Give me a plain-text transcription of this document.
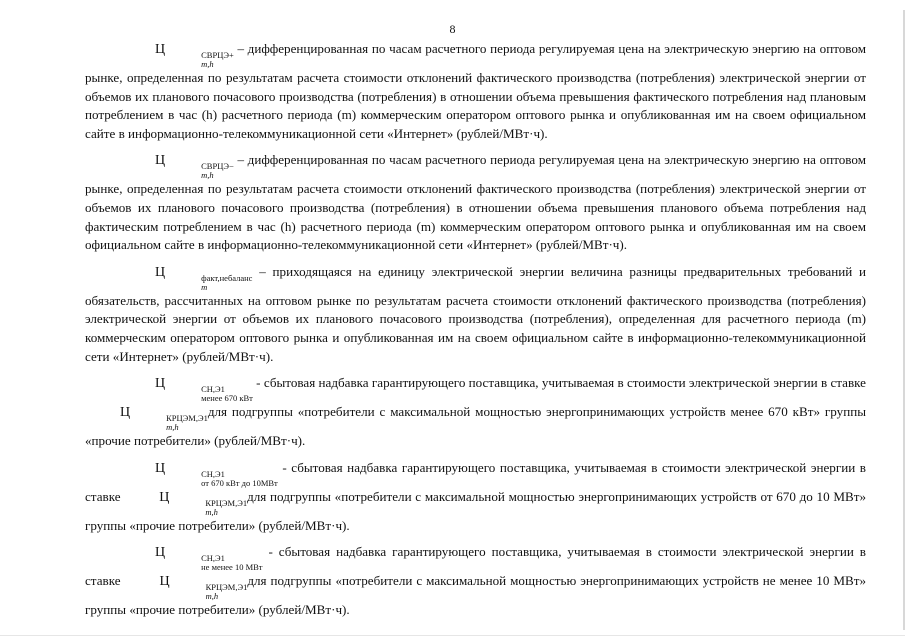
8

Ц	СВРЦЭ+
m,h
– дифференцированная по часам расчетного периода регулируемая цена на электрическую энергию на оптовом рынке, определенная по результатам расчета стоимости отклонений фактического производства (потребления) электрической энергии от объемов их планового почасового производства (потребления) в отношении объема превышения фактического потребления над плановым потреблением в час (h) расчетного периода (m) коммерческим оператором оптового рынка и опубликованная им на своем официальном сайте в информационно-телекоммуникационной сети «Интернет» (рублей/МВт·ч).

Ц	СВРЦЭ−
m,h
– дифференцированная по часам расчетного периода регулируемая цена на электрическую энергию на оптовом рынке, определенная по результатам расчета стоимости отклонений фактического производства (потребления) электрической энергии от объемов их планового почасового производства (потребления) в отношении объема превышения планового объема потребления над фактическим потреблением в час (h) расчетного периода (m) коммерческим оператором оптового рынка и опубликованная им на своем официальном сайте в информационно-телекоммуникационной сети «Интернет» (рублей/МВт·ч).

Ц	факт,небаланс
m
– приходящаяся на единицу электрической энергии величина разницы предварительных требований и обязательств, рассчитанных на оптовом рынке по результатам расчета стоимости отклонений фактического производства (потребления) электрической энергии от объемов их планового почасового производства (потребления), определенная для расчетного периода (m) коммерческим оператором оптового рынка и опубликованная им на своем официальном сайте в информационно-телекоммуникационной сети «Интернет» (рублей/МВт·ч).

Ц	СН,Э1
менее 670 кВт
- сбытовая надбавка гарантирующего поставщика, учитываемая в стоимости электрической энергии в ставке Ц	КРЦЭМ,Э1
m,h
для подгруппы «потребители с максимальной мощностью энергопринимающих устройств менее 670 кВт» группы «прочие потребители» (рублей/МВт·ч).

Ц	СН,Э1
от 670 кВт до 10МВт
- сбытовая надбавка гарантирующего поставщика, учитываемая в стоимости электрической энергии в ставке	Ц	КРЦЭМ,Э1
m,h
для подгруппы «потребители с максимальной мощностью энергопринимающих устройств от 670 до 10 МВт» группы «прочие потребители» (рублей/МВт·ч).

Ц	СН,Э1
не менее 10 МВт
- сбытовая надбавка гарантирующего поставщика, учитываемая в стоимости электрической энергии в ставке	Ц	КРЦЭМ,Э1
m,h
для подгруппы «потребители с максимальной мощностью энергопринимающих устройств не менее 10 МВт» группы «прочие потребители» (рублей/МВт·ч).
